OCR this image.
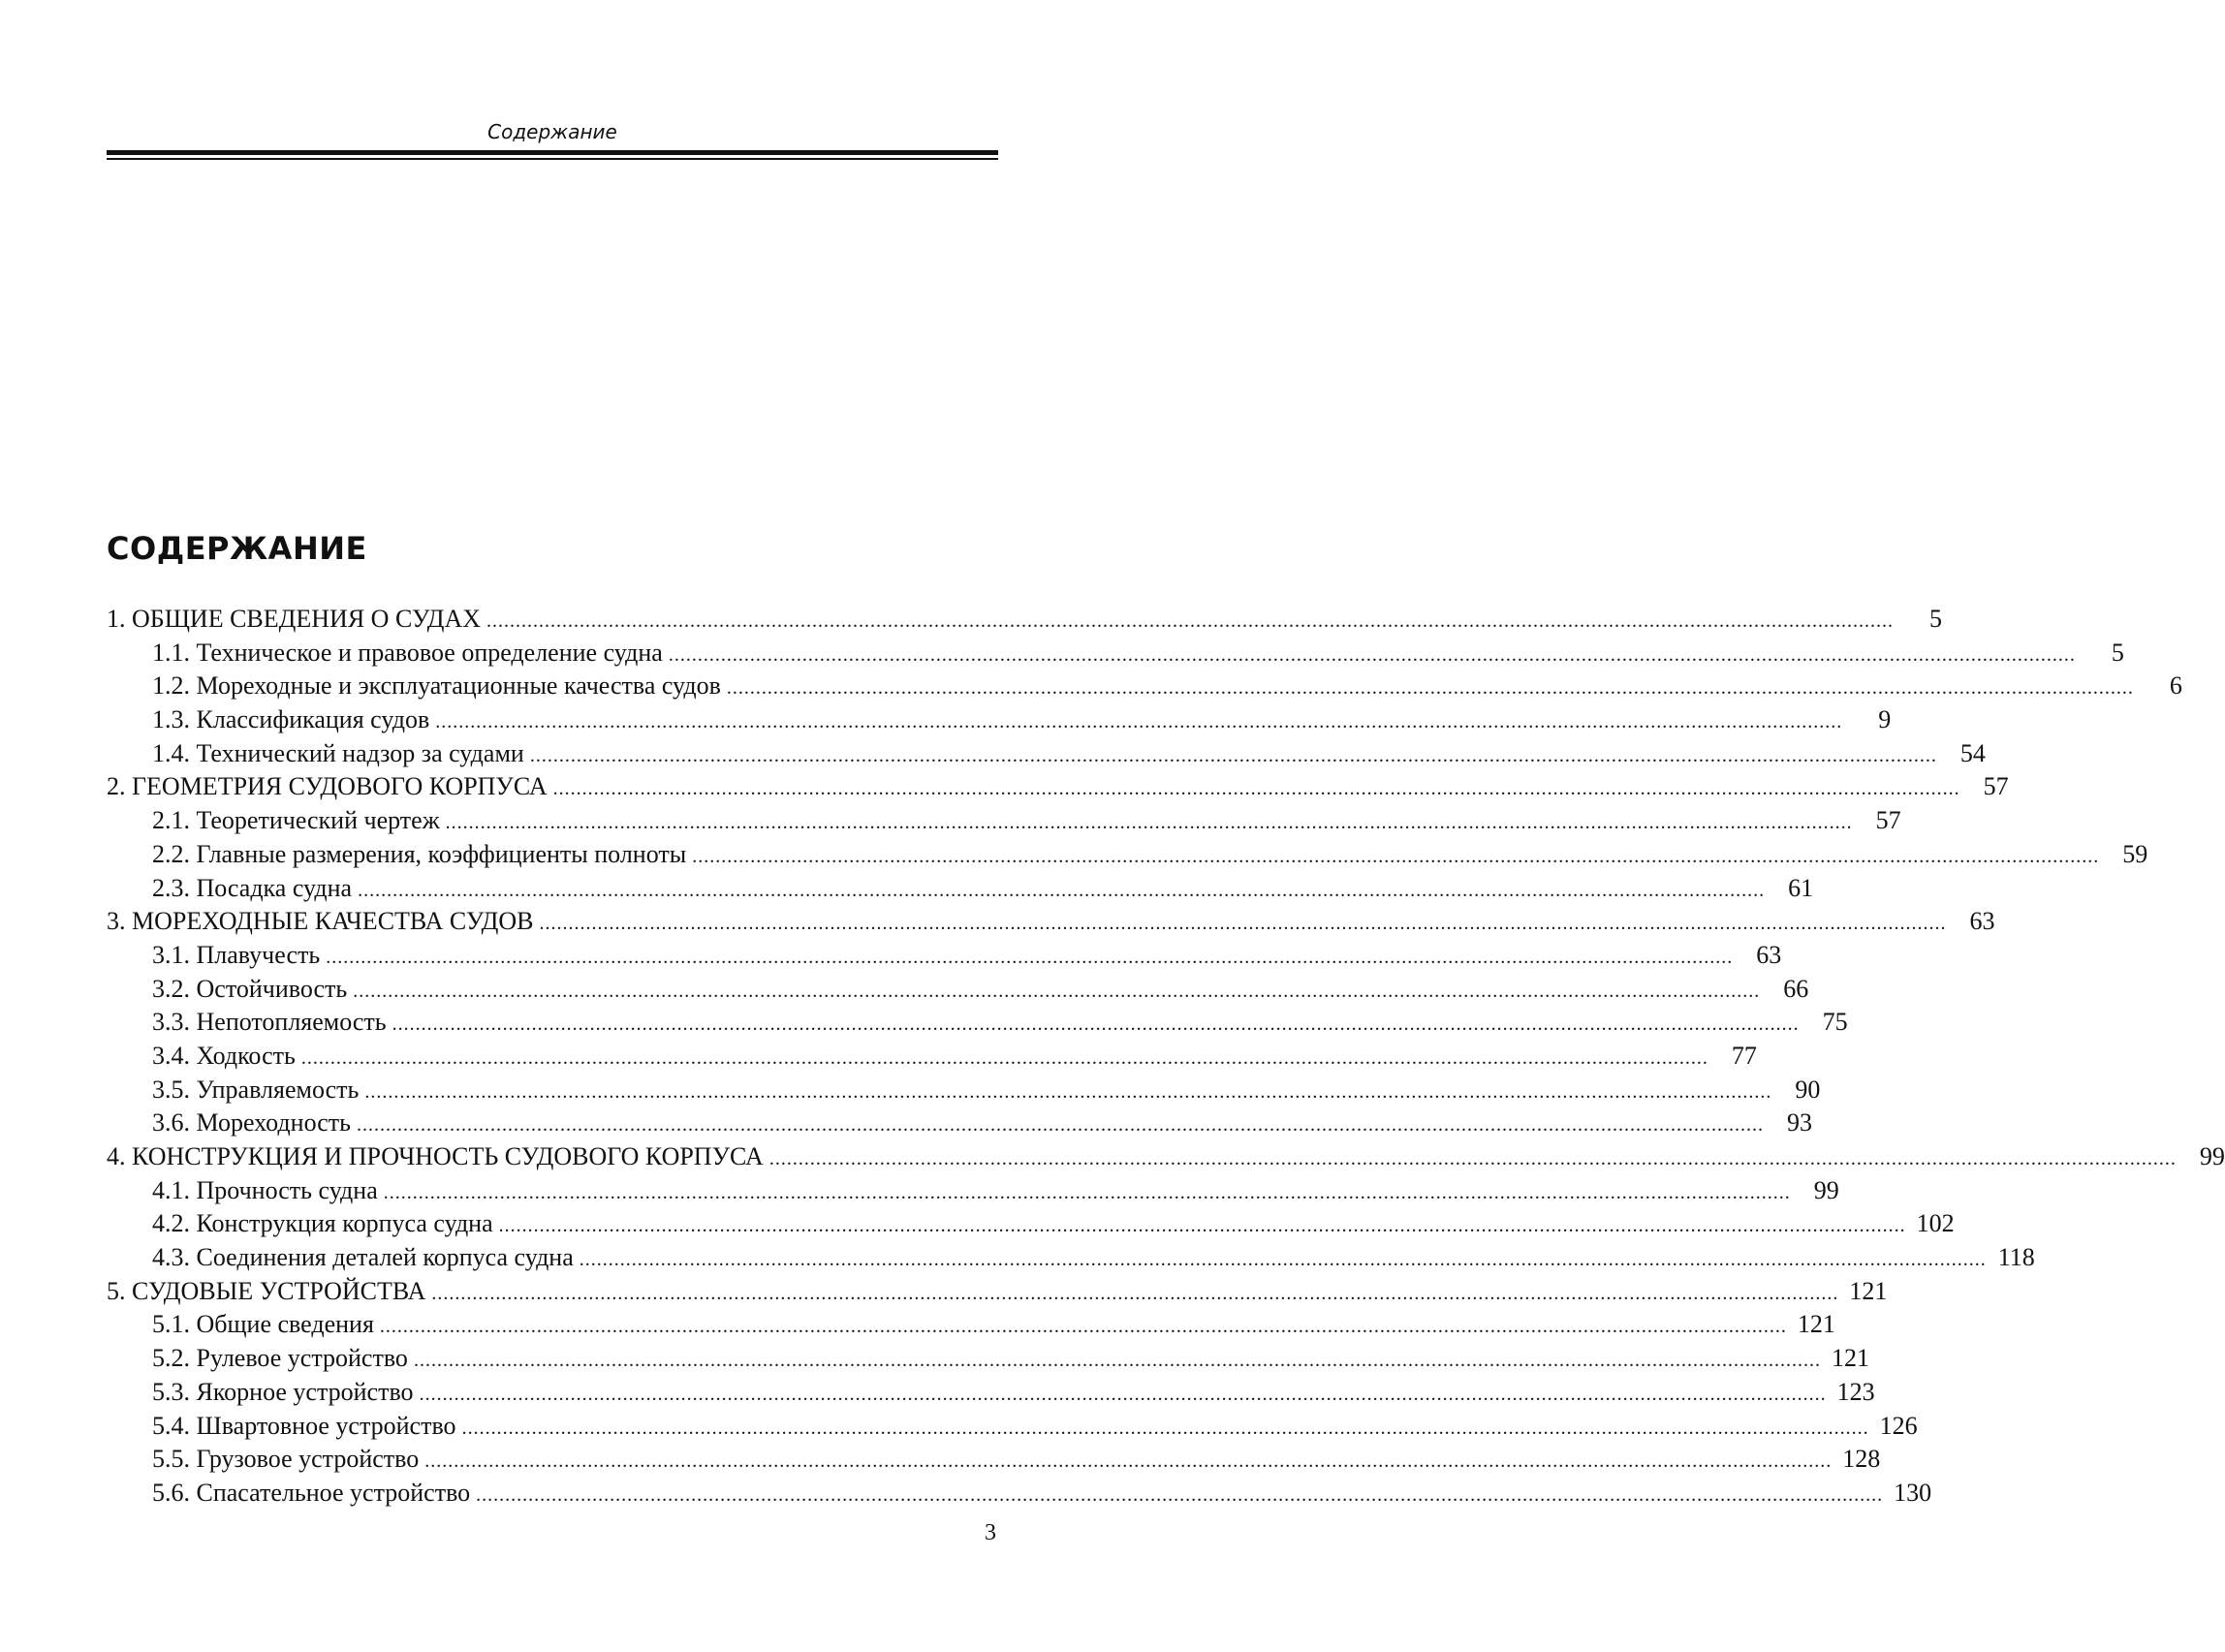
Содержание
СОДЕРЖАНИЕ
1. ОБЩИЕ СВЕДЕНИЯ О СУДАХ ..................................................................................................................................................................................................................................................	5
1.1. Техническое и правовое определение судна ..................................................................................................................................................................................................................................................	5
1.2. Мореходные и эксплуатационные качества судов ..................................................................................................................................................................................................................................................	6
1.3. Классификация судов ..................................................................................................................................................................................................................................................	9
1.4. Технический надзор за судами .................................................................................................................................................................................................................................................. 54
2. ГЕОМЕТРИЯ СУДОВОГО КОРПУСА .................................................................................................................................................................................................................................................. 57
2.1. Теоретический чертеж .................................................................................................................................................................................................................................................. 57
2.2. Главные размерения, коэффициенты полноты .................................................................................................................................................................................................................................................. 59
2.3. Посадка судна .................................................................................................................................................................................................................................................. 61
3. МОРЕХОДНЫЕ КАЧЕСТВА СУДОВ .................................................................................................................................................................................................................................................. 63
3.1. Плавучесть .................................................................................................................................................................................................................................................. 63
3.2. Остойчивость .................................................................................................................................................................................................................................................. 66
3.3. Непотопляемость .................................................................................................................................................................................................................................................. 75
3.4. Ходкость .................................................................................................................................................................................................................................................. 77
3.5. Управляемость .................................................................................................................................................................................................................................................. 90
3.6. Мореходность .................................................................................................................................................................................................................................................. 93
4. КОНСТРУКЦИЯ И ПРОЧНОСТЬ СУДОВОГО КОРПУСА .................................................................................................................................................................................................................................................. 99
4.1. Прочность судна .................................................................................................................................................................................................................................................. 99
4.2. Конструкция корпуса судна .................................................................................................................................................................................................................................................. 102
4.3. Соединения деталей корпуса судна .................................................................................................................................................................................................................................................. 118
5. СУДОВЫЕ УСТРОЙСТВА .................................................................................................................................................................................................................................................. 121
5.1. Общие сведения .................................................................................................................................................................................................................................................. 121
5.2. Рулевое устройство .................................................................................................................................................................................................................................................. 121
5.3. Якорное устройство .................................................................................................................................................................................................................................................. 123
5.4. Швартовное устройство .................................................................................................................................................................................................................................................. 126
5.5. Грузовое устройство .................................................................................................................................................................................................................................................. 128
5.6. Спасательное устройство .................................................................................................................................................................................................................................................. 130
3
